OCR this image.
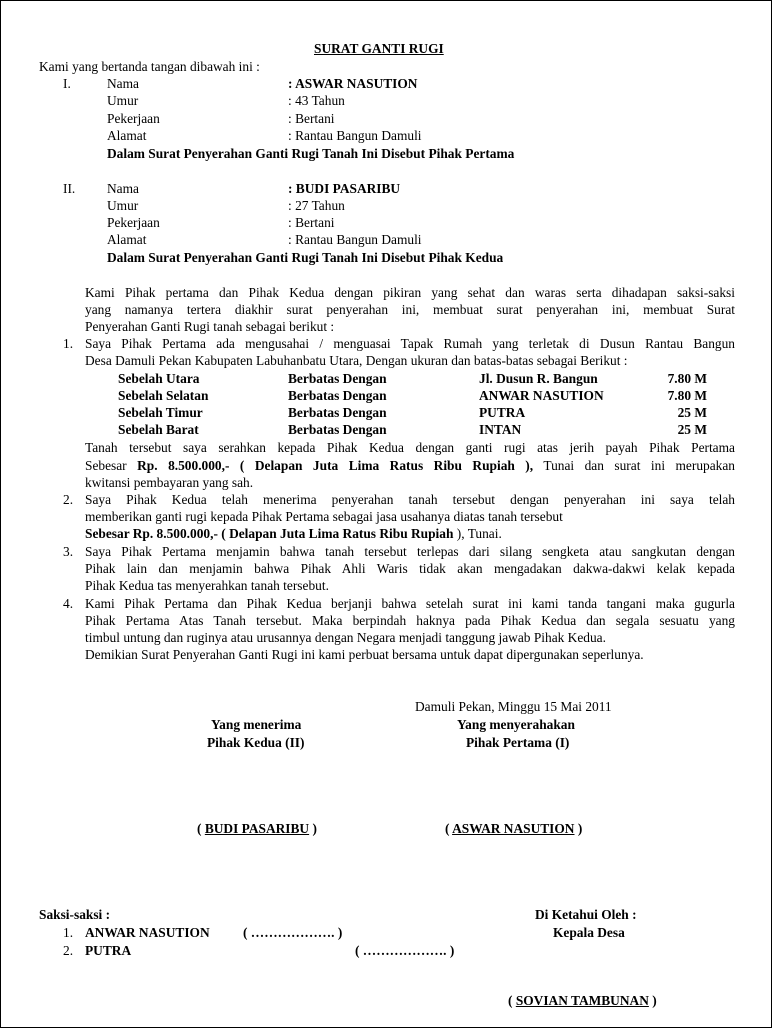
SURAT GANTI RUGI
Kami yang bertanda tangan dibawah ini :
I.	Nama	: ASWAR NASUTION
Umur	: 43 Tahun
Pekerjaan	: Bertani
Alamat	: Rantau Bangun Damuli
Dalam Surat Penyerahan Ganti Rugi Tanah Ini Disebut Pihak Pertama
II. Nama	: BUDI PASARIBU
Umur	: 27 Tahun
Pekerjaan	: Bertani
Alamat	: Rantau Bangun Damuli
Dalam Surat Penyerahan Ganti Rugi Tanah Ini Disebut Pihak Kedua
Kami Pihak pertama dan Pihak Kedua dengan pikiran yang sehat dan waras serta dihadapan saksi-saksi
yang namanya tertera diakhir surat penyerahan ini, membuat surat penyerahan ini, membuat Surat
Penyerahan Ganti Rugi tanah sebagai berikut :
1. Saya Pihak Pertama ada mengusahai / menguasai Tapak Rumah yang terletak di Dusun Rantau Bangun
Desa Damuli Pekan Kabupaten Labuhanbatu Utara, Dengan ukuran dan batas-batas sebagai Berikut :
Sebelah Utara	Berbatas Dengan	Jl. Dusun R. Bangun	7.80 M
Sebelah Selatan	Berbatas Dengan	ANWAR NASUTION	7.80 M
Sebelah Timur	Berbatas Dengan	PUTRA	25 M
Sebelah Barat	Berbatas Dengan	INTAN	25 M
Tanah tersebut saya serahkan kepada Pihak Kedua dengan ganti rugi atas jerih payah Pihak Pertama
Sebesar Rp. 8.500.000,- ( Delapan Juta Lima Ratus Ribu Rupiah ), Tunai dan surat ini merupakan
kwitansi pembayaran yang sah.
2. Saya Pihak Kedua telah menerima penyerahan tanah tersebut dengan penyerahan ini saya telah
memberikan ganti rugi kepada Pihak Pertama sebagai jasa usahanya diatas tanah tersebut
Sebesar Rp. 8.500.000,- ( Delapan Juta Lima Ratus Ribu Rupiah ), Tunai.
3. Saya Pihak Pertama menjamin bahwa tanah tersebut terlepas dari silang sengketa atau sangkutan dengan
Pihak lain dan menjamin bahwa Pihak Ahli Waris tidak akan mengadakan dakwa-dakwi kelak kepada
Pihak Kedua tas menyerahkan tanah tersebut.
4. Kami Pihak Pertama dan Pihak Kedua berjanji bahwa setelah surat ini kami tanda tangani maka gugurla
Pihak Pertama Atas Tanah tersebut. Maka berpindah haknya pada Pihak Kedua dan segala sesuatu yang
timbul untung dan ruginya atau urusannya dengan Negara menjadi tanggung jawab Pihak Kedua.
Demikian Surat Penyerahan Ganti Rugi ini kami perbuat bersama untuk dapat dipergunakan seperlunya.
Damuli Pekan, Minggu 15 Mai 2011
Yang menerima
Pihak Kedua (II)
Yang menyerahakan
Pihak Pertama (I)
( BUDI PASARIBU )	( ASWAR NASUTION )
Saksi-saksi :
1. ANWAR NASUTION ( ………………. )
2. PUTRA	( ………………. )
Di Ketahui Oleh :
Kepala Desa
( SOVIAN TAMBUNAN )
